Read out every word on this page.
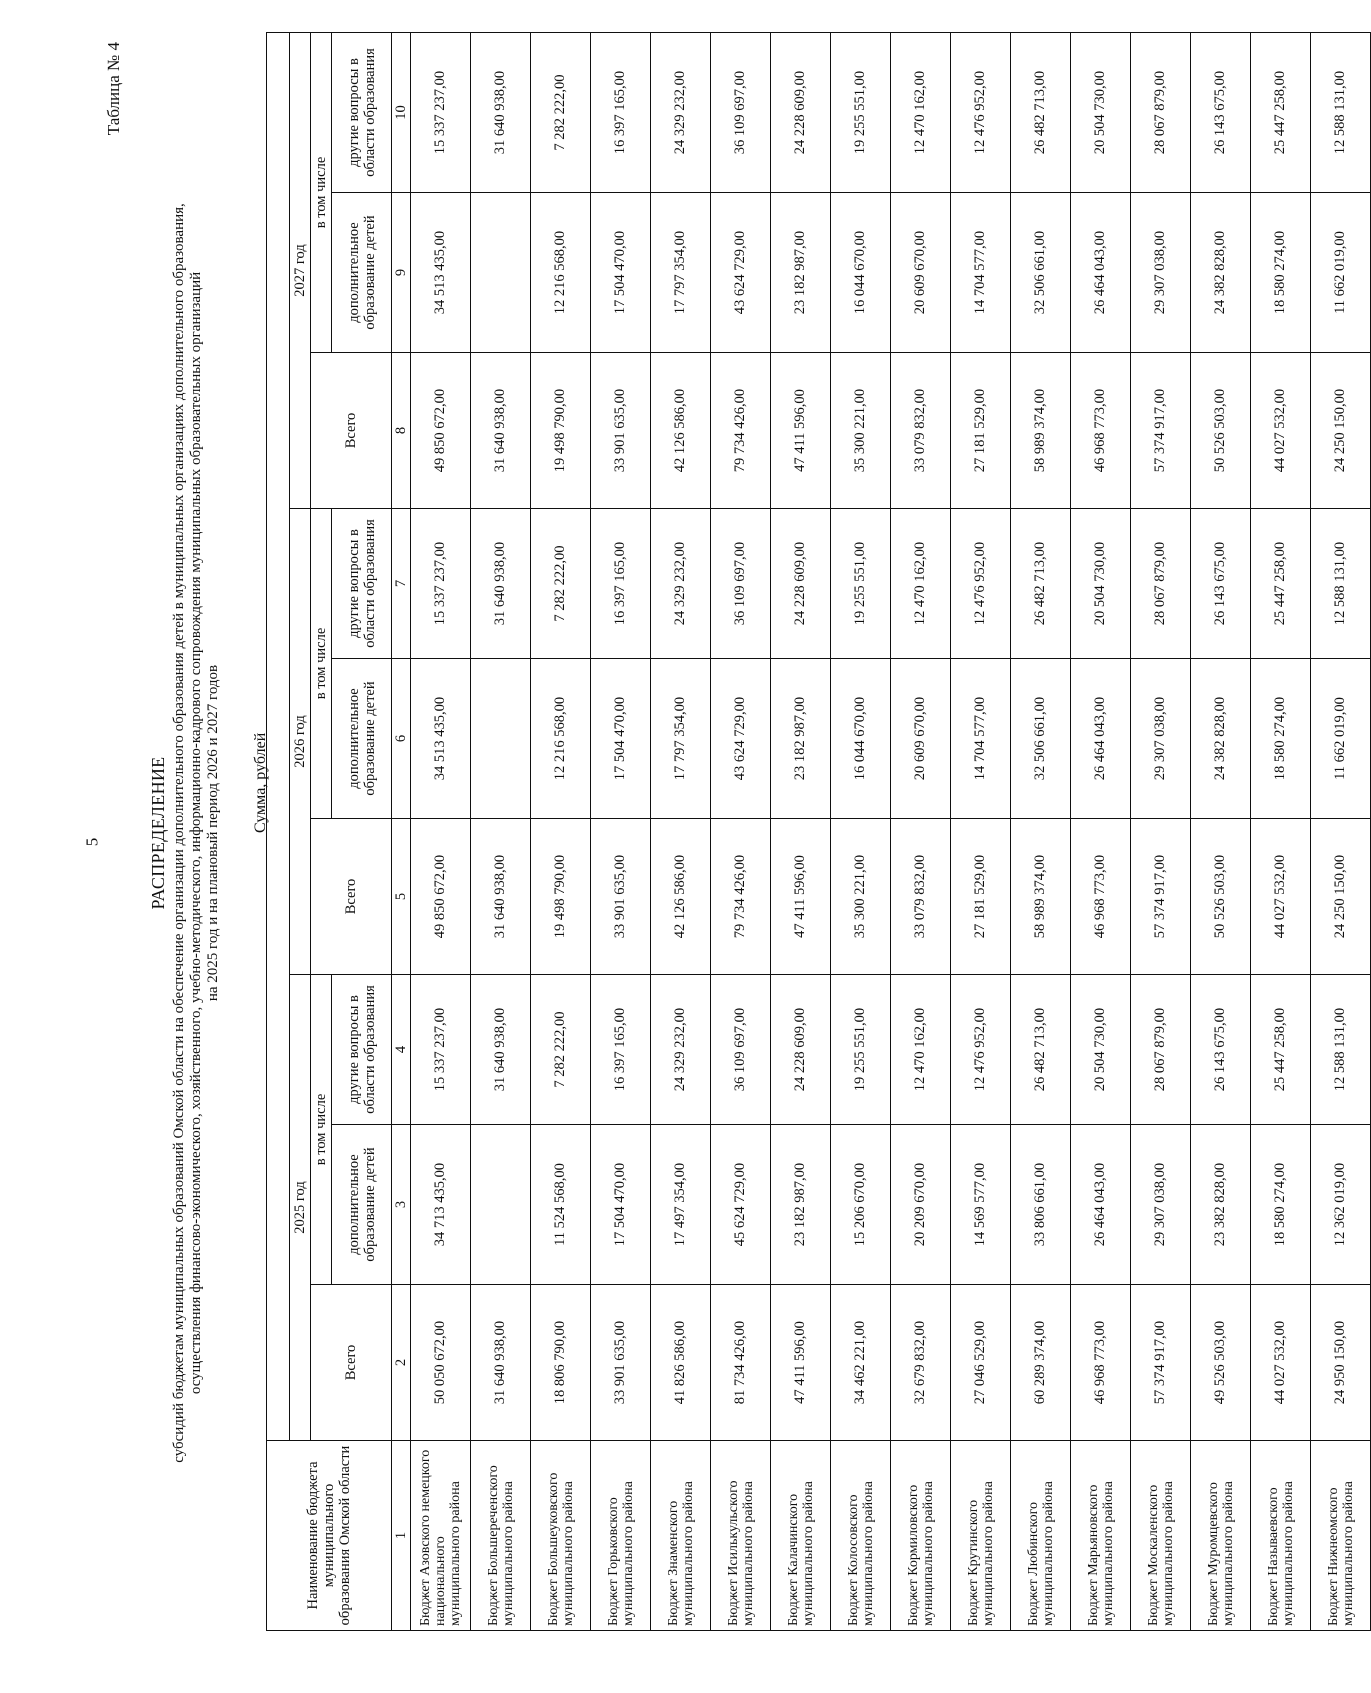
5

Таблица № 4

РАСПРЕДЕЛЕНИЕ субсидий бюджетам муниципальных образований Омской области на обеспечение организации дополнительного образования детей в муниципальных организациях дополнительного образования, осуществления финансово-экономического, хозяйственного, учебно-методического, информационно-кадрового сопровождения муниципальных образовательных организаций на 2025 год и на плановый период 2026 и 2027 годов Сумма, рублей

Наименование бюджета муниципального образования Омской области									
	2025 год			2026 год			2027 год		
	Всего	в том числе		Всего	в том числе		Всего	в том числе	
		дополнительное образование детей	другие вопросы в области образования		дополнительное образование детей	другие вопросы в области образования		дополнительное образование детей	другие вопросы в области образования
1	2	3	4	5	6	7	8	9	10
Бюджет Азовского немецкого национального муниципального района	50 050 672,00	34 713 435,00	15 337 237,00	49 850 672,00	34 513 435,00	15 337 237,00	49 850 672,00	34 513 435,00	15 337 237,00
Бюджет Большереченского муниципального района	31 640 938,00		31 640 938,00	31 640 938,00		31 640 938,00	31 640 938,00		31 640 938,00
Бюджет Большеуковского муниципального района	18 806 790,00	11 524 568,00	7 282 222,00	19 498 790,00	12 216 568,00	7 282 222,00	19 498 790,00	12 216 568,00	7 282 222,00
Бюджет Горьковского муниципального района	33 901 635,00	17 504 470,00	16 397 165,00	33 901 635,00	17 504 470,00	16 397 165,00	33 901 635,00	17 504 470,00	16 397 165,00
Бюджет Знаменского муниципального района	41 826 586,00	17 497 354,00	24 329 232,00	42 126 586,00	17 797 354,00	24 329 232,00	42 126 586,00	17 797 354,00	24 329 232,00
Бюджет Исилькульского муниципального района	81 734 426,00	45 624 729,00	36 109 697,00	79 734 426,00	43 624 729,00	36 109 697,00	79 734 426,00	43 624 729,00	36 109 697,00
Бюджет Калачинского муниципального района	47 411 596,00	23 182 987,00	24 228 609,00	47 411 596,00	23 182 987,00	24 228 609,00	47 411 596,00	23 182 987,00	24 228 609,00
Бюджет Колосовского муниципального района	34 462 221,00	15 206 670,00	19 255 551,00	35 300 221,00	16 044 670,00	19 255 551,00	35 300 221,00	16 044 670,00	19 255 551,00
Бюджет Кормиловского муниципального района	32 679 832,00	20 209 670,00	12 470 162,00	33 079 832,00	20 609 670,00	12 470 162,00	33 079 832,00	20 609 670,00	12 470 162,00
Бюджет Крутинского муниципального района	27 046 529,00	14 569 577,00	12 476 952,00	27 181 529,00	14 704 577,00	12 476 952,00	27 181 529,00	14 704 577,00	12 476 952,00
Бюджет Любинского муниципального района	60 289 374,00	33 806 661,00	26 482 713,00	58 989 374,00	32 506 661,00	26 482 713,00	58 989 374,00	32 506 661,00	26 482 713,00
Бюджет Марьяновского муниципального района	46 968 773,00	26 464 043,00	20 504 730,00	46 968 773,00	26 464 043,00	20 504 730,00	46 968 773,00	26 464 043,00	20 504 730,00
Бюджет Москаленского муниципального района	57 374 917,00	29 307 038,00	28 067 879,00	57 374 917,00	29 307 038,00	28 067 879,00	57 374 917,00	29 307 038,00	28 067 879,00
Бюджет Муромцевского муниципального района	49 526 503,00	23 382 828,00	26 143 675,00	50 526 503,00	24 382 828,00	26 143 675,00	50 526 503,00	24 382 828,00	26 143 675,00
Бюджет Называевского муниципального района	44 027 532,00	18 580 274,00	25 447 258,00	44 027 532,00	18 580 274,00	25 447 258,00	44 027 532,00	18 580 274,00	25 447 258,00
Бюджет Нижнеомского муниципального района	24 950 150,00	12 362 019,00	12 588 131,00	24 250 150,00	11 662 019,00	12 588 131,00	24 250 150,00	11 662 019,00	12 588 131,00
